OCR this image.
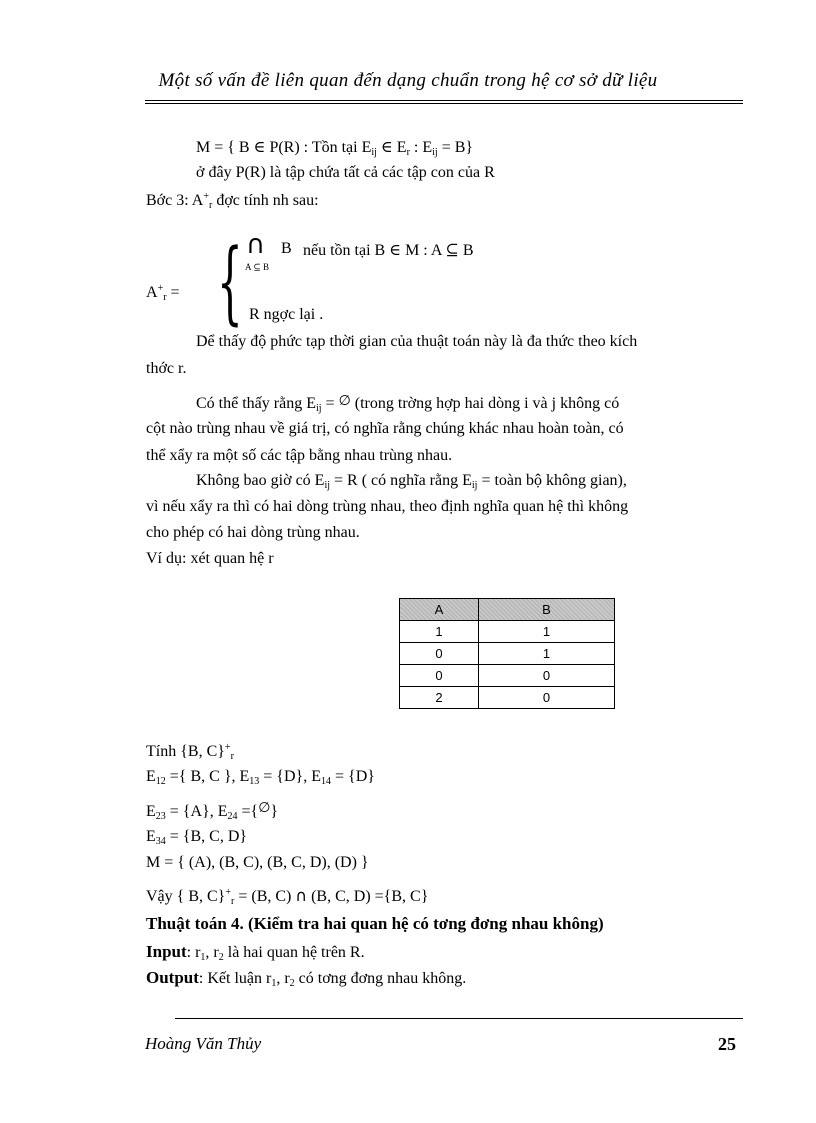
Một số vấn đề liên quan đến dạng chuẩn trong hệ cơ sở dữ liệu
M = { B ∈ P(R) : Tồn tại $E_{ij}$ ∈ $E_r$ : $E_{ij} = B$}
ở đây P(R) là tập chứa tất cả các tập con của R
Bớc 3: $A^+_r$ đợc tính nh sau:
∩ B
A ⊆ B
nếu tồn tại B ∈ M : A ⊆ B
$A^+_r$ = { R ngợc lại .
Dể thấy độ phức tạp thời gian của thuật toán này là đa thức theo kích
thớc r.
Có thể thấy rằng $E_{ij}$ = ∅ (trong trờng hợp hai dòng i và j không có
cột nào trùng nhau về giá trị, có nghĩa rằng chúng khác nhau hoàn toàn, có
thể xẩy ra một số các tập bằng nhau trùng nhau.
Không bao giờ có $E_{ij} = R$ ( có nghĩa rằng $E_{ij}$ = toàn bộ không gian),
vì nếu xẩy ra thì có hai dòng trùng nhau, theo định nghĩa quan hệ thì không
cho phép có hai dòng trùng nhau.
Ví dụ: xét quan hệ r
A	B
1	1
0	1
0	0
2	0
Tính {B, $C\}^+_r$
$E_{12}$ ={ B, C }, $E_{13} = \{D\}$, $E_{14} = \{D\}$
$E_{23} = \{A\}$, $E_{24}$ ={∅}
$E_{34} = \{B$, C, D}
M = { (A), (B, C), (B, C, D), (D) }
Vậy { B, $C\}^+_r = (B$, C) ∩ (B, C, D) ={B, C}
Thuật toán 4. (Kiểm tra hai quan hệ có tơng đơng nhau không)
Input: $r_1$, $r_2$ là hai quan hệ trên R.
Output: Kết luận $r_1$, $r_2$ có tơng đơng nhau không.
Hoàng Văn Thủy	25
